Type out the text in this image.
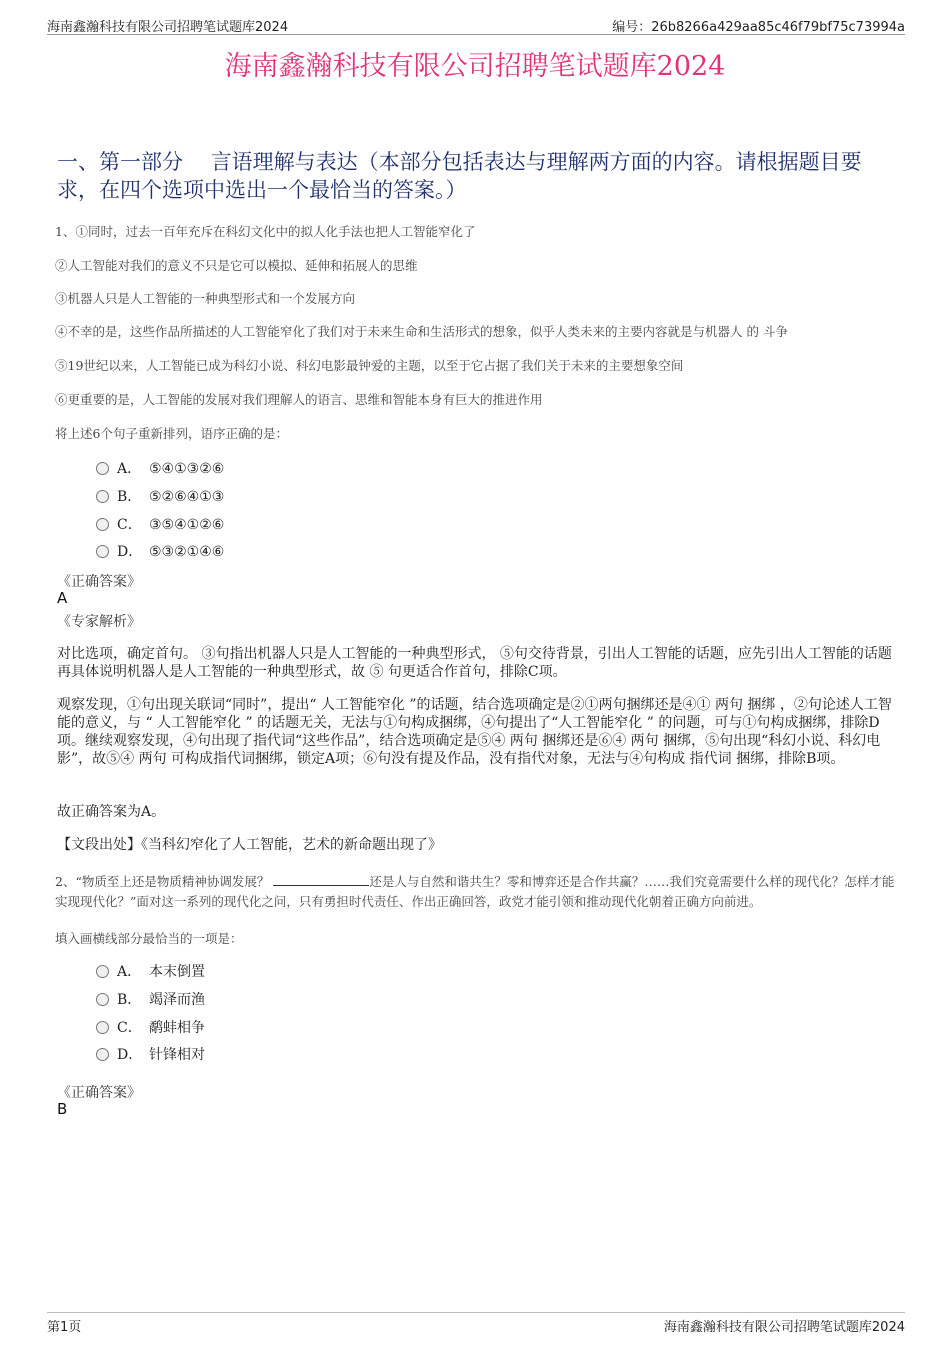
海南鑫瀚科技有限公司招聘笔试题库2024	编号：26b8266a429aa85c46f79bf75c73994a
海南鑫瀚科技有限公司招聘笔试题库2024
一、第一部分　 言语理解与表达（本部分包括表达与理解两方面的内容。请根据题目要求，在四个选项中选出一个最恰当的答案。）
1、①同时，过去一百年充斥在科幻文化中的拟人化手法也把人工智能窄化了
②人工智能对我们的意义不只是它可以模拟、延伸和拓展人的思维
③机器人只是人工智能的一种典型形式和一个发展方向
④不幸的是，这些作品所描述的人工智能窄化了我们对于未来生命和生活形式的想象，似乎人类未来的主要内容就是与机器人 的 斗争
⑤19世纪以来，人工智能已成为科幻小说、科幻电影最钟爱的主题，以至于它占据了我们关于未来的主要想象空间
⑥更重要的是，人工智能的发展对我们理解人的语言、思维和智能本身有巨大的推进作用
将上述6个句子重新排列，语序正确的是：
A． ⑤④①③②⑥
B． ⑤②⑥④①③
C． ③⑤④①②⑥
D． ⑤③②①④⑥
《正确答案》
A
《专家解析》
对比选项，确定首句。 ③句指出机器人只是人工智能的一种典型形式， ⑤句交待背景，引出人工智能的话题，应先引出人工智能的话题再具体说明机器人是人工智能的一种典型形式，故 ⑤ 句更适合作首句，排除C项。
观察发现，①句出现关联词“同时”，提出“ 人工智能窄化 ”的话题，结合选项确定是②①两句捆绑还是④① 两句 捆绑 ，②句论述人工智能的意义，与 “ 人工智能窄化 ” 的话题无关，无法与①句构成捆绑，④句提出了“人工智能窄化 ” 的问题，可与①句构成捆绑，排除D项。继续观察发现，④句出现了指代词“这些作品”，结合选项确定是⑤④ 两句 捆绑还是⑥④ 两句 捆绑，⑤句出现“科幻小说、科幻电影”，故⑤④ 两句 可构成指代词捆绑，锁定A项；⑥句没有提及作品，没有指代对象，无法与④句构成 指代词 捆绑，排除B项。
故正确答案为A。
【文段出处】《当科幻窄化了人工智能，艺术的新命题出现了》
2、“物质至上还是物质精神协调发展？	还是人与自然和谐共生？零和博弈还是合作共赢？……我们究竟需要什么样的现代化？怎样才能实现现代化？”面对这一系列的现代化之问，只有勇担时代责任、作出正确回答，政党才能引领和推动现代化朝着正确方向前进。
填入画横线部分最恰当的一项是：
A． 本末倒置
B． 竭泽而渔
C． 鹬蚌相争
D． 针锋相对
《正确答案》
B
第1页	海南鑫瀚科技有限公司招聘笔试题库2024
